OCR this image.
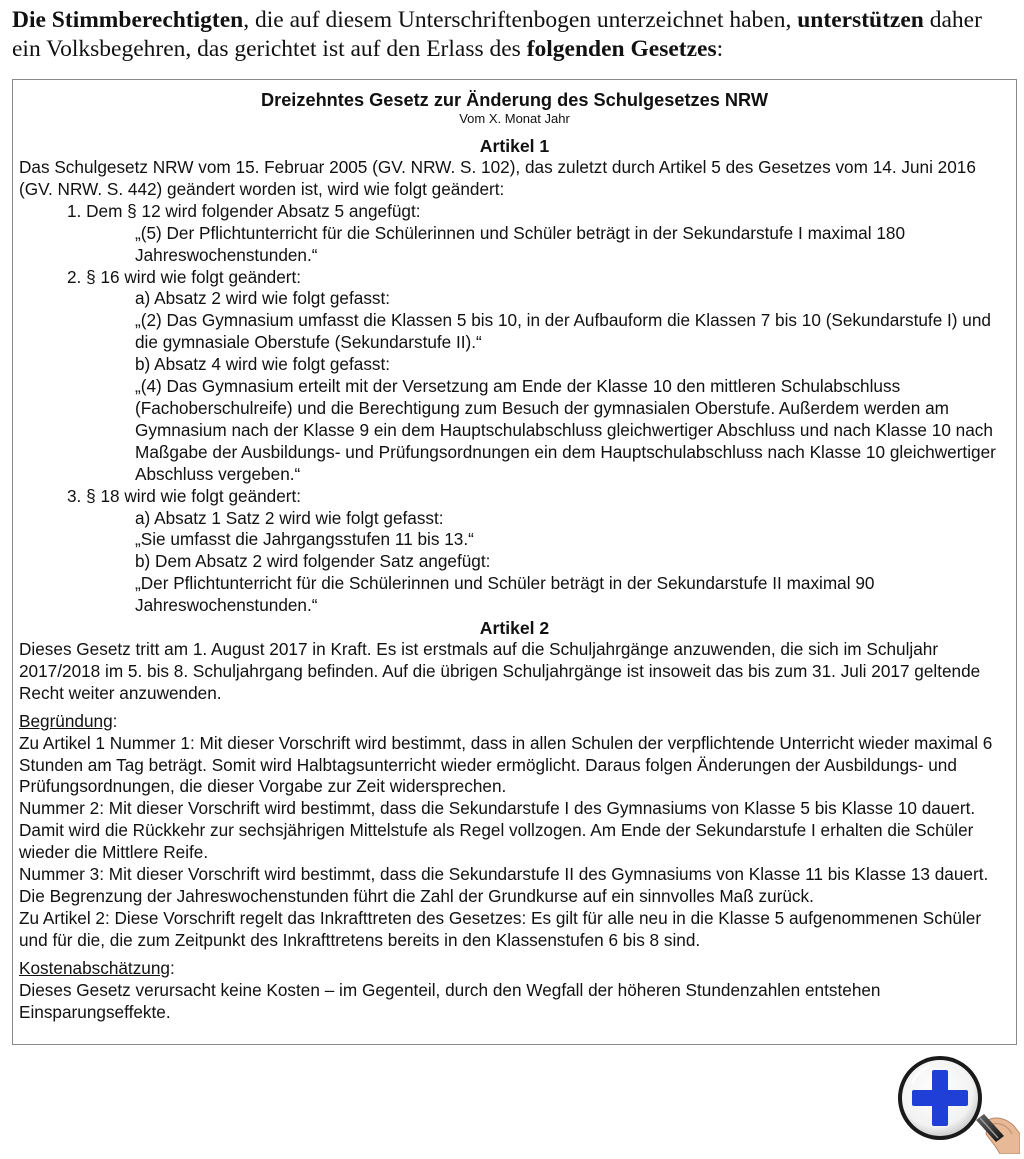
Die Stimmberechtigten, die auf diesem Unterschriftenbogen unterzeichnet haben, unterstützen daher ein Volksbegehren, das gerichtet ist auf den Erlass des folgenden Gesetzes:
Dreizehntes Gesetz zur Änderung des Schulgesetzes NRW
Vom X. Monat Jahr
Artikel 1

Das Schulgesetz NRW vom 15. Februar 2005 (GV. NRW. S. 102), das zuletzt durch Artikel 5 des Gesetzes vom 14. Juni 2016 (GV. NRW. S. 442) geändert worden ist, wird wie folgt geändert:

1. Dem § 12 wird folgender Absatz 5 angefügt:

„(5) Der Pflichtunterricht für die Schülerinnen und Schüler beträgt in der Sekundarstufe I maximal 180 Jahreswochenstunden.“

2. § 16 wird wie folgt geändert:

a) Absatz 2 wird wie folgt gefasst:

„(2) Das Gymnasium umfasst die Klassen 5 bis 10, in der Aufbauform die Klassen 7 bis 10 (Sekundarstufe I) und die gymnasiale Oberstufe (Sekundarstufe II).“

b) Absatz 4 wird wie folgt gefasst:

„(4) Das Gymnasium erteilt mit der Versetzung am Ende der Klasse 10 den mittleren Schulabschluss (Fachoberschulreife) und die Berechtigung zum Besuch der gymnasialen Oberstufe. Außerdem werden am Gymnasium nach der Klasse 9 ein dem Hauptschulabschluss gleichwertiger Abschluss und nach Klasse 10 nach Maßgabe der Ausbildungs- und Prüfungsordnungen ein dem Hauptschulabschluss nach Klasse 10 gleichwertiger Abschluss vergeben.“

3. § 18 wird wie folgt geändert:

a) Absatz 1 Satz 2 wird wie folgt gefasst:

„Sie umfasst die Jahrgangsstufen 11 bis 13.“

b) Dem Absatz 2 wird folgender Satz angefügt:

„Der Pflichtunterricht für die Schülerinnen und Schüler beträgt in der Sekundarstufe II maximal 90 Jahreswochenstunden.“

Artikel 2

Dieses Gesetz tritt am 1. August 2017 in Kraft. Es ist erstmals auf die Schuljahrgänge anzuwenden, die sich im Schuljahr 2017/2018 im 5. bis 8. Schuljahrgang befinden. Auf die übrigen Schuljahrgänge ist insoweit das bis zum 31. Juli 2017 geltende Recht weiter anzuwenden.

Begründung:

Zu Artikel 1 Nummer 1: Mit dieser Vorschrift wird bestimmt, dass in allen Schulen der verpflichtende Unterricht wieder maximal 6 Stunden am Tag beträgt. Somit wird Halbtagsunterricht wieder ermöglicht. Daraus folgen Änderungen der Ausbildungs- und Prüfungsordnungen, die dieser Vorgabe zur Zeit widersprechen.

Nummer 2: Mit dieser Vorschrift wird bestimmt, dass die Sekundarstufe I des Gymnasiums von Klasse 5 bis Klasse 10 dauert. Damit wird die Rückkehr zur sechsjährigen Mittelstufe als Regel vollzogen. Am Ende der Sekundarstufe I erhalten die Schüler wieder die Mittlere Reife.

Nummer 3: Mit dieser Vorschrift wird bestimmt, dass die Sekundarstufe II des Gymnasiums von Klasse 11 bis Klasse 13 dauert. Die Begrenzung der Jahreswochenstunden führt die Zahl der Grundkurse auf ein sinnvolles Maß zurück.

Zu Artikel 2: Diese Vorschrift regelt das Inkrafttreten des Gesetzes: Es gilt für alle neu in die Klasse 5 aufgenommenen Schüler und für die, die zum Zeitpunkt des Inkrafttretens bereits in den Klassenstufen 6 bis 8 sind.

Kostenabschätzung:

Dieses Gesetz verursacht keine Kosten – im Gegenteil, durch den Wegfall der höheren Stundenzahlen entstehen Einsparungseffekte.
